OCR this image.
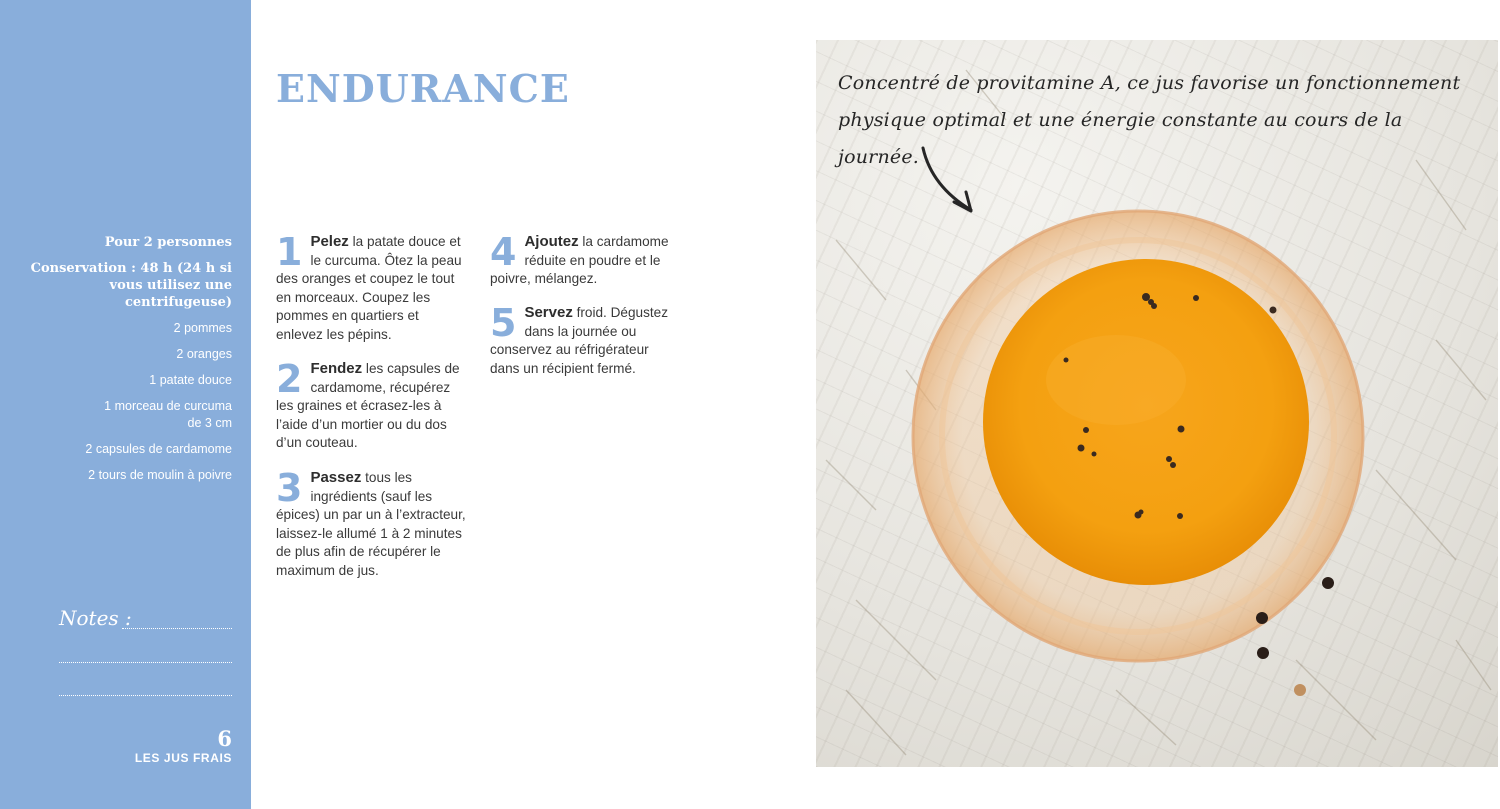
Pour 2 personnes
Conservation : 48 h (24 h si vous utilisez une centrifugeuse)
2 pommes
2 oranges
1 patate douce
1 morceau de curcuma de 3 cm
2 capsules de cardamome
2 tours de moulin à poivre
Notes :
6
LES JUS FRAIS
ENDURANCE
1 Pelez la patate douce et le curcuma. Ôtez la peau des oranges et coupez le tout en morceaux. Coupez les pommes en quartiers et enlevez les pépins.
2 Fendez les capsules de cardamome, récupérez les graines et écrasez-les à l’aide d’un mortier ou du dos d’un couteau.
3 Passez tous les ingrédients (sauf les épices) un par un à l’extracteur, laissez-le allumé 1 à 2 minutes de plus afin de récupérer le maximum de jus.
4 Ajoutez la cardamome réduite en poudre et le poivre, mélangez.
5 Servez froid. Dégustez dans la journée ou conservez au réfrigérateur dans un récipient fermé.
Concentré de provitamine A, ce jus favorise un fonctionnement physique optimal et une énergie constante au cours de la journée.
